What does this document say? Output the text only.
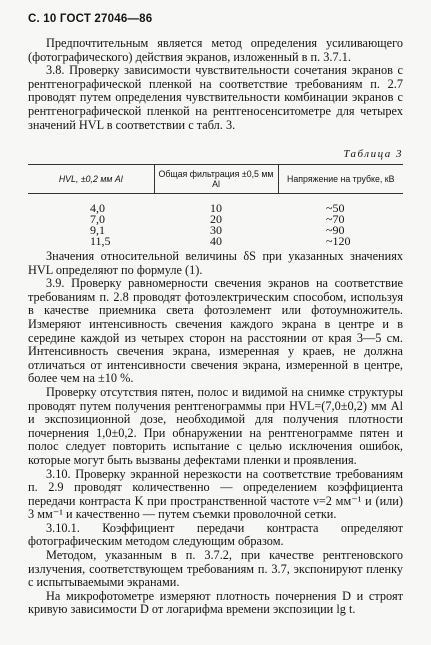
С. 10 ГОСТ 27046—86

Предпочтительным является метод определения усиливающего (фотографического) действия экранов, изложенный в п. 3.7.1.

3.8. Проверку зависимости чувствительности сочетания экранов с рентгенографической пленкой на соответствие требованиям п. 2.7 проводят путем определения чувствительности комбинации экранов с рентгенографической пленкой на рентгеносенситометре для четырех значений HVL в соответствии с табл. 3.

Таблица 3
HVL, ±0,2 мм Al	Общая фильтрация ±0,5 мм Al	Напряжение на трубке, кВ
4,0	10	~50
7,0	20	~70
9,1	30	~90
11,5	40	~120

Значения относительной величины δS при указанных значениях HVL определяют по формуле (1).

3.9. Проверку равномерности свечения экранов на соответствие требованиям п. 2.8 проводят фотоэлектрическим способом, используя в качестве приемника света фотоэлемент или фотоумножитель. Измеряют интенсивность свечения каждого экрана в центре и в середине каждой из четырех сторон на расстоянии от края 3—5 см. Интенсивность свечения экрана, измеренная у краев, не должна отличаться от интенсивности свечения экрана, измеренной в центре, более чем на ±10 %.

Проверку отсутствия пятен, полос и видимой на снимке структуры проводят путем получения рентгенограммы при HVL=(7,0±0,2) мм Al и экспозиционной дозе, необходимой для получения плотности почернения 1,0±0,2. При обнаружении на рентгенограмме пятен и полос следует повторить испытание с целью исключения ошибок, которые могут быть вызваны дефектами пленки и проявления.

3.10. Проверку экранной нерезкости на соответствие требованиям п. 2.9 проводят количественно — определением коэффициента передачи контраста K при пространственной частоте ν=2 мм⁻¹ и (или) 3 мм⁻¹ и качественно — путем съемки проволочной сетки.

3.10.1. Коэффициент передачи контраста определяют фотографическим методом следующим образом.

Методом, указанным в п. 3.7.2, при качестве рентгеновского излучения, соответствующем требованиям п. 3.7, экспонируют пленку с испытываемыми экранами.

На микрофотометре измеряют плотность почернения D и строят кривую зависимости D от логарифма времени экспозиции lg t.
